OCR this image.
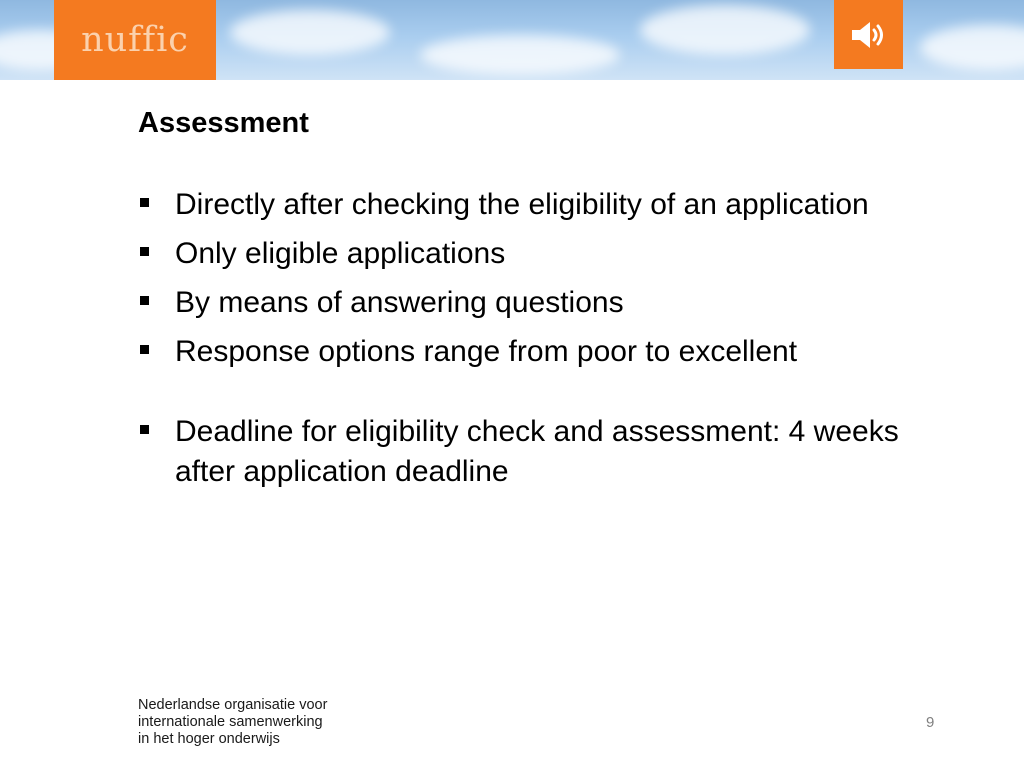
nuffic
Assessment
Directly after checking the eligibility of an application
Only eligible applications
By means of answering questions
Response options range from poor to excellent
Deadline for eligibility check and assessment: 4 weeks after application deadline
Nederlandse organisatie voor
internationale samenwerking
in het hoger onderwijs
9
